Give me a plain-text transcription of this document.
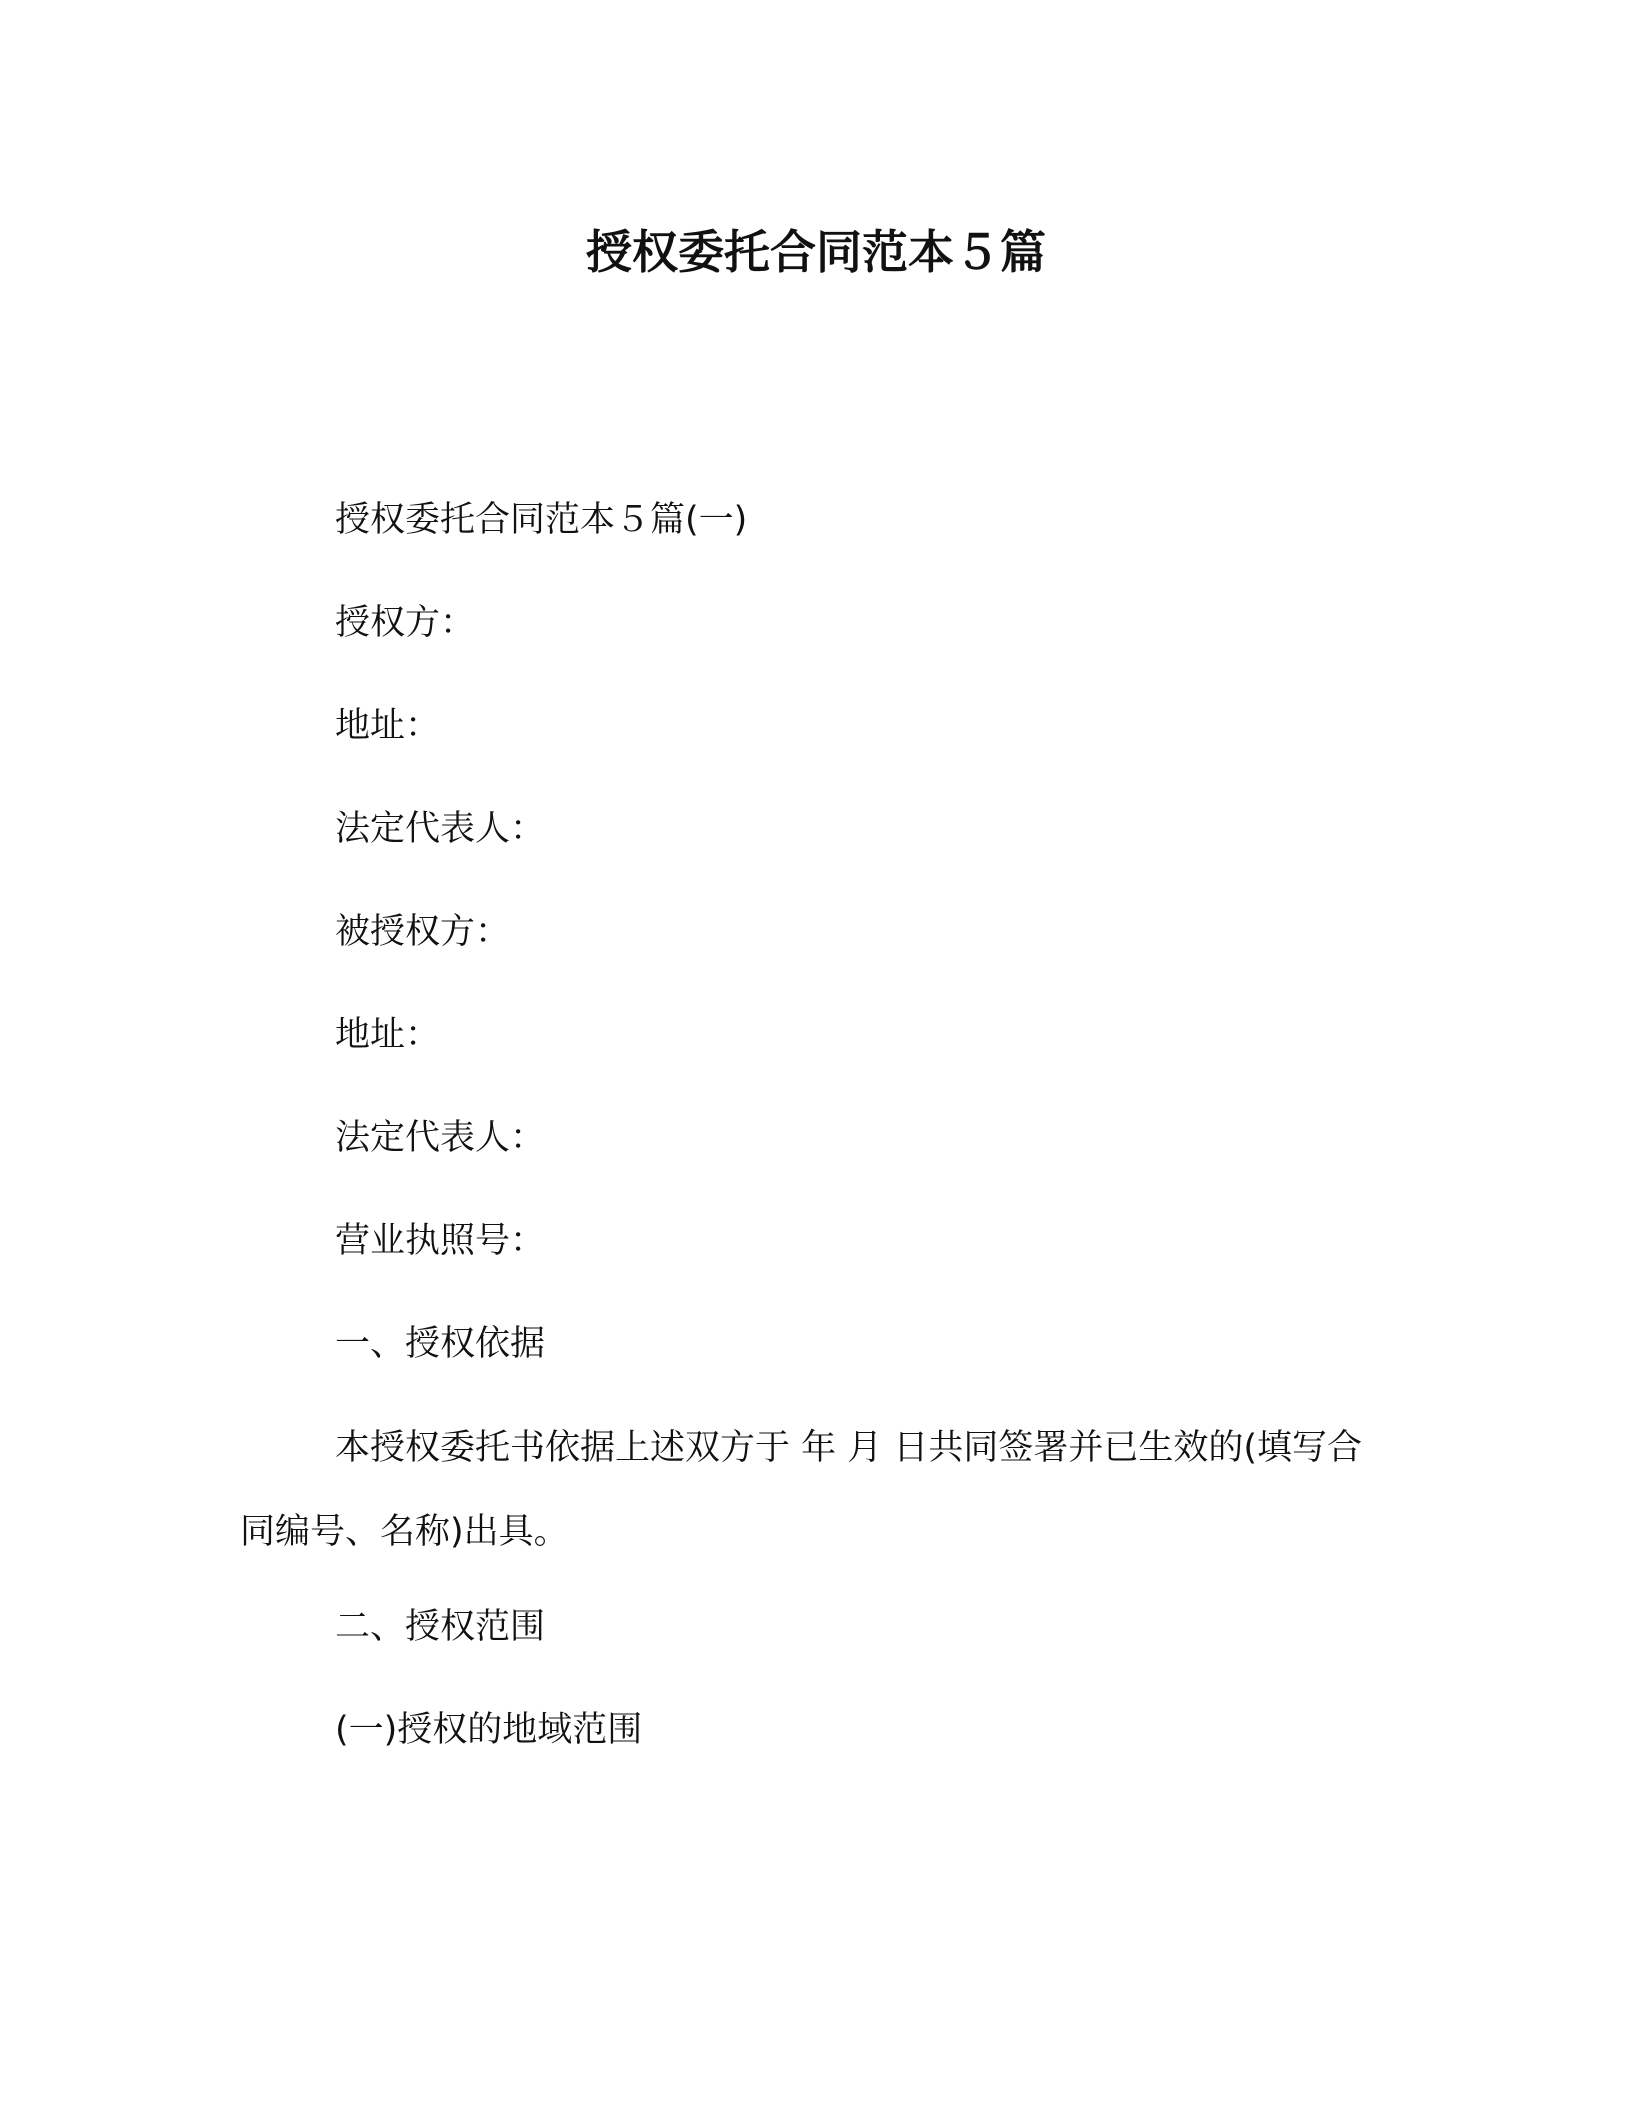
授权委托合同范本５篇

授权委托合同范本５篇(一)

授权方：

地址：

法定代表人：

被授权方：

地址：

法定代表人：

营业执照号：

一、授权依据

本授权委托书依据上述双方于 年 月 日共同签署并已生效的(填写合同编号、名称)出具。

二、授权范围

(一)授权的地域范围
